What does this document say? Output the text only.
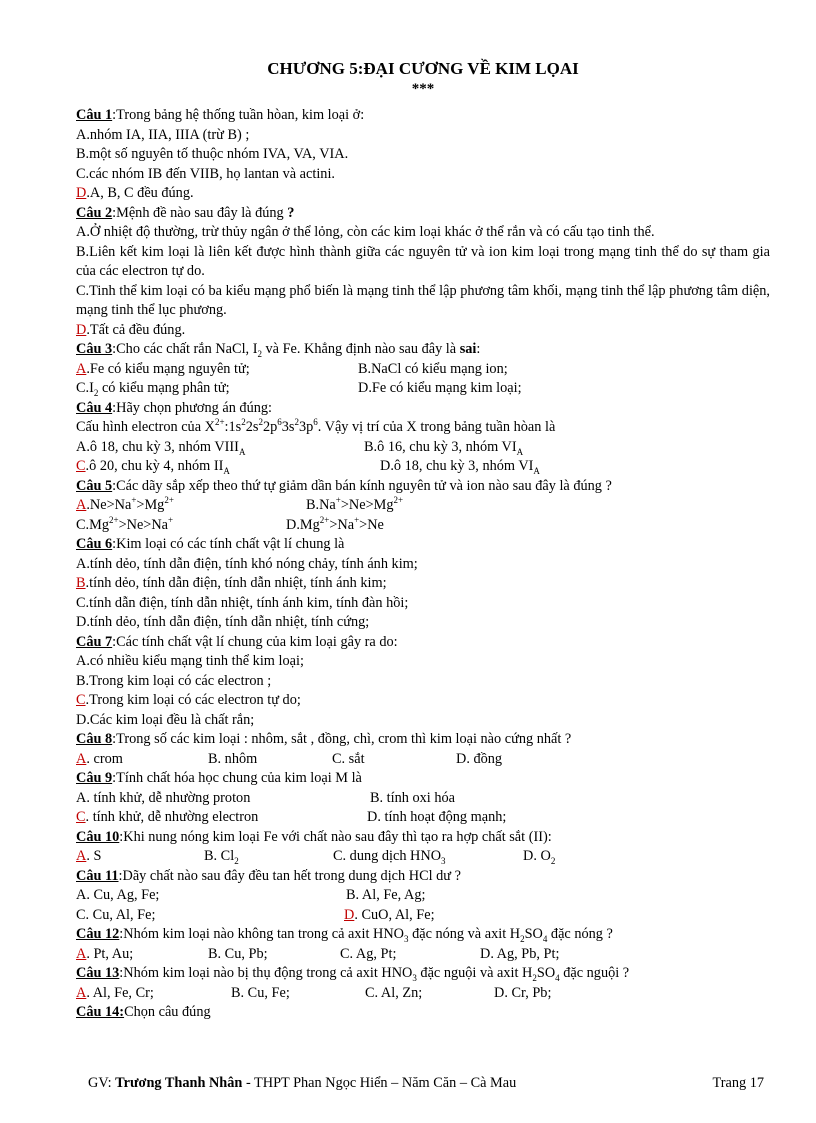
CHƯƠNG 5:ĐẠI CƯƠNG VỀ KIM LỌAI
***
Câu 1:Trong bảng hệ thống tuần hòan, kim loại ở:
A.nhóm IA, IIA, IIIA (trừ B) ;
B.một số nguyên tố thuộc nhóm IVA, VA, VIA.
C.các nhóm IB đến VIIB, họ lantan và actini.
D.A, B, C đều đúng.
Câu 2:Mệnh đề nào sau đây là đúng ?
A.Ở nhiệt độ thường, trừ thủy ngân ở thể lỏng, còn các kim loại khác ở thể rắn và có cấu tạo tinh thể.
B.Liên kết kim loại là liên kết được hình thành giữa các nguyên tử và ion kim loại trong mạng tinh thể do sự tham gia của các electron tự do.
C.Tinh thể kim loại có ba kiểu mạng phổ biến là mạng tinh thể lập phương tâm khối, mạng tinh thể lập phương tâm diện, mạng tinh thể lục phương.
D.Tất cả đều đúng.
Câu 3:Cho các chất rắn NaCl, $I_2$ và Fe. Khẳng định nào sau đây là sai:
A.Fe có kiểu mạng nguyên tử;	B.NaCl có kiểu mạng ion;
$C.I_2$ có kiểu mạng phân tử;	D.Fe có kiểu mạng kim loại;
Câu 4:Hãy chọn phương án đúng:
Cấu hình electron của $X^{2+}:1s^22s^22p^63s^23p^6$. Vậy vị trí của X trong bảng tuần hòan là
A.ô 18, chu kỳ 3, nhóm $VIII_A$	B.ô 16, chu kỳ 3, nhóm $VI_A$
C.ô 20, chu kỳ 4, nhóm $II_A$	D.ô 18, chu kỳ 3, nhóm $VI_A$
Câu 5:Các dãy sắp xếp theo thứ tự giảm dần bán kính nguyên tử và ion nào sau đây là đúng ?
$A.Ne>Na^+>Mg^{2+}$	$B.Na^+>Ne>Mg^{2+}$
$C.Mg^{2+}>Ne>Na^+$	$D.Mg^{2+}>Na^+>Ne$
Câu 6:Kim loại có các tính chất vật lí chung là
A.tính dẻo, tính dẫn điện, tính khó nóng chảy, tính ánh kim;
B.tính dẻo, tính dẫn điện, tính dẫn nhiệt, tính ánh kim;
C.tính dẫn điện, tính dẫn nhiệt, tính ánh kim, tính đàn hồi;
D.tính dẻo, tính dẫn điện, tính dẫn nhiệt, tính cứng;
Câu 7:Các tính chất vật lí chung của kim loại gây ra do:
A.có nhiều kiểu mạng tinh thể kim loại;
B.Trong kim loại có các electron ;
C.Trong kim loại có các electron tự do;
D.Các kim loại đều là chất rắn;
Câu 8:Trong số các kim loại : nhôm, sắt , đồng, chì, crom thì kim loại nào cứng nhất ?
A. crom	B. nhôm	C. sắt	D. đồng
Câu 9:Tính chất hóa học chung của kim loại M là
A. tính khử, dễ nhường proton	B. tính oxi hóa
C. tính khử, dễ nhường electron	D. tính hoạt động mạnh;
Câu 10:Khi nung nóng kim loại Fe với chất nào sau đây thì tạo ra hợp chất sắt (II):
A. S	B. $Cl_2$	C. dung dịch $HNO_3$	D. $O_2$
Câu 11:Dãy chất nào sau đây đều tan hết trong dung dịch HCl dư ?
A. Cu, Ag, Fe;	B. Al, Fe, Ag;
C. Cu, Al, Fe;	D. CuO, Al, Fe;
Câu 12:Nhóm kim loại nào không tan trong cả axit $HNO_3$ đặc nóng và axit $H_2SO_4$ đặc nóng ?
A. Pt, Au;	B. Cu, Pb;	C. Ag, Pt;	D. Ag, Pb, Pt;
Câu 13:Nhóm kim loại nào bị thụ động trong cả axit $HNO_3$ đặc nguội và axit $H_2SO_4$ đặc nguội ?
A. Al, Fe, Cr;	B. Cu, Fe;	C. Al, Zn;	D. Cr, Pb;
Câu 14:Chọn câu đúng
GV: Trương Thanh Nhân - THPT Phan Ngọc Hiển – Năm Căn – Cà Mau	Trang 17
